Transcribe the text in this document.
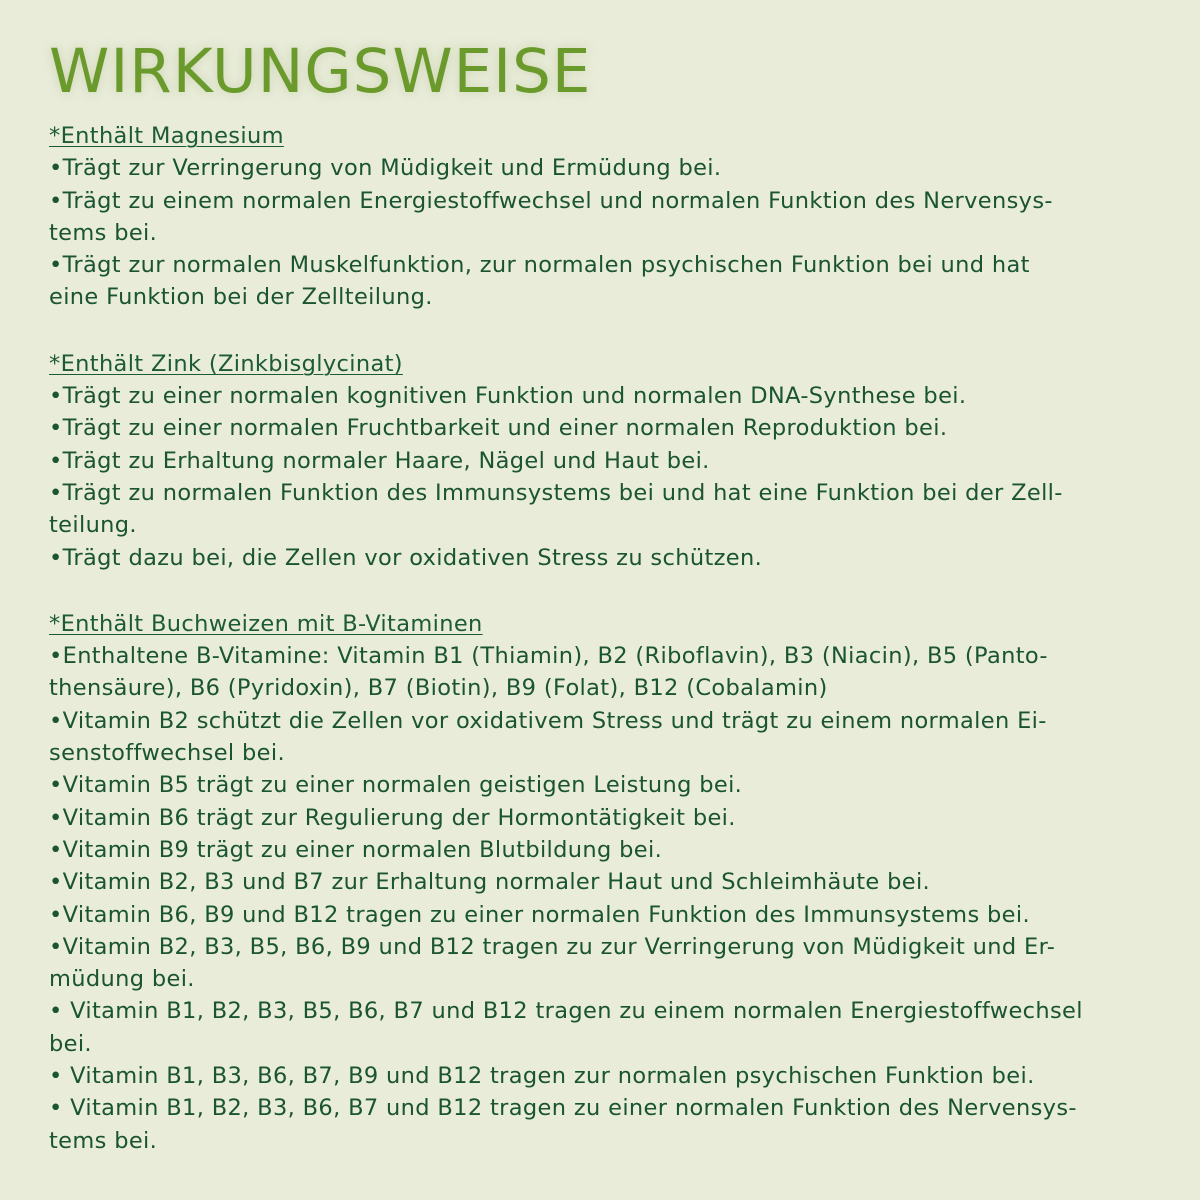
WIRKUNGSWEISE

*Enthält Magnesium

•Trägt zur Verringerung von Müdigkeit und Ermüdung bei.

•Trägt zu einem normalen Energiestoffwechsel und normalen Funktion des Nervensys-

tems bei.

•Trägt zur normalen Muskelfunktion, zur normalen psychischen Funktion bei und hat

eine Funktion bei der Zellteilung.

*Enthält Zink (Zinkbisglycinat)

•Trägt zu einer normalen kognitiven Funktion und normalen DNA-Synthese bei.

•Trägt zu einer normalen Fruchtbarkeit und einer normalen Reproduktion bei.

•Trägt zu Erhaltung normaler Haare, Nägel und Haut bei.

•Trägt zu normalen Funktion des Immunsystems bei und hat eine Funktion bei der Zell-

teilung.

•Trägt dazu bei, die Zellen vor oxidativen Stress zu schützen.

*Enthält Buchweizen mit B-Vitaminen

•Enthaltene B-Vitamine: Vitamin B1 (Thiamin), B2 (Riboflavin), B3 (Niacin), B5 (Panto-

thensäure), B6 (Pyridoxin), B7 (Biotin), B9 (Folat), B12 (Cobalamin)

•Vitamin B2 schützt die Zellen vor oxidativem Stress und trägt zu einem normalen Ei-

senstoffwechsel bei.

•Vitamin B5 trägt zu einer normalen geistigen Leistung bei.

•Vitamin B6 trägt zur Regulierung der Hormontätigkeit bei.

•Vitamin B9 trägt zu einer normalen Blutbildung bei.

•Vitamin B2, B3 und B7 zur Erhaltung normaler Haut und Schleimhäute bei.

•Vitamin B6, B9 und B12 tragen zu einer normalen Funktion des Immunsystems bei.

•Vitamin B2, B3, B5, B6, B9 und B12 tragen zu zur Verringerung von Müdigkeit und Er-

müdung bei.

• Vitamin B1, B2, B3, B5, B6, B7 und B12 tragen zu einem normalen Energiestoffwechsel

bei.

• Vitamin B1, B3, B6, B7, B9 und B12 tragen zur normalen psychischen Funktion bei.

• Vitamin B1, B2, B3, B6, B7 und B12 tragen zu einer normalen Funktion des Nervensys-

tems bei.
